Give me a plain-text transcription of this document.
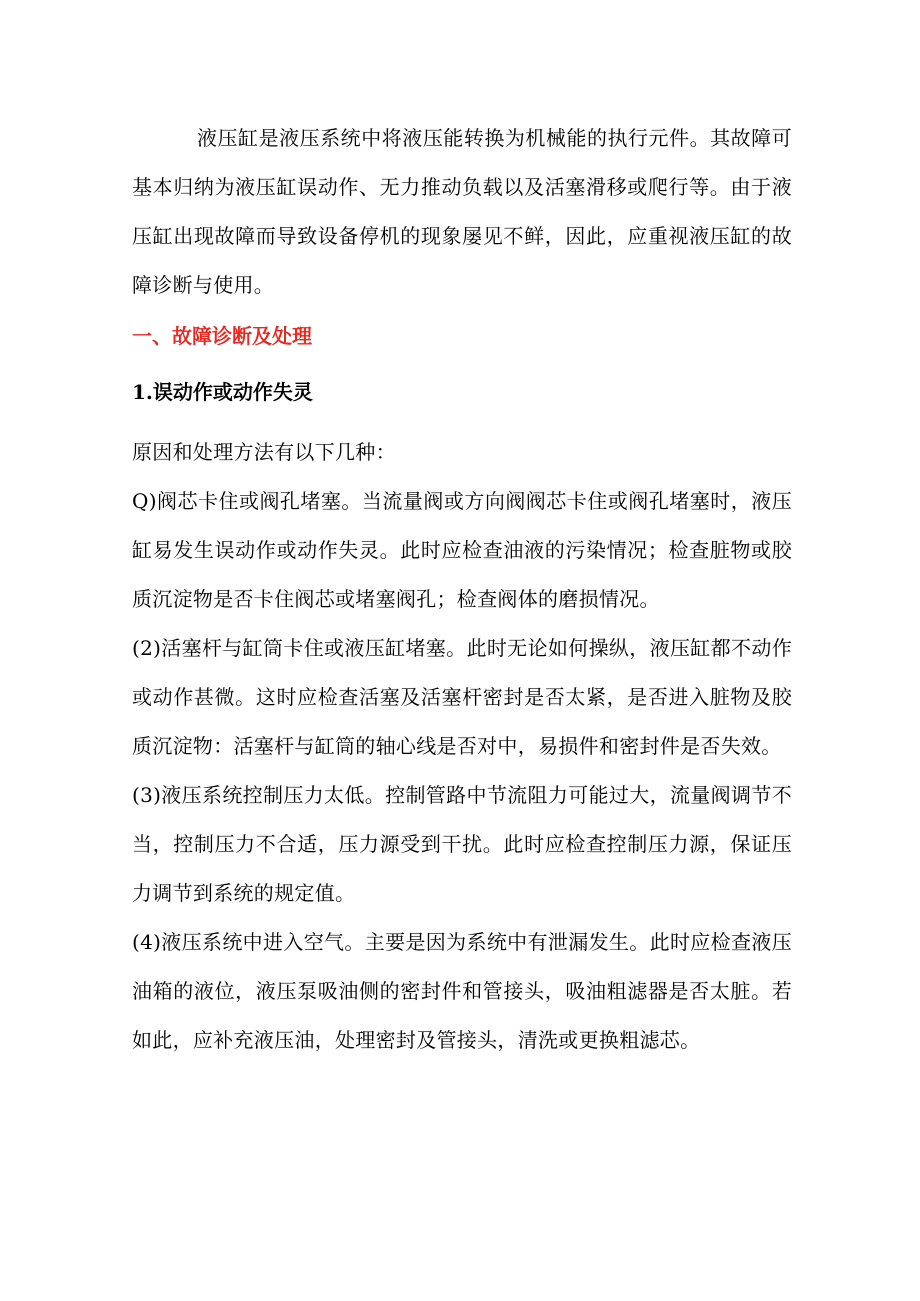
液压缸是液压系统中将液压能转换为机械能的执行元件。其故障可基本归纳为液压缸误动作、无力推动负载以及活塞滑移或爬行等。由于液压缸出现故障而导致设备停机的现象屡见不鲜，因此，应重视液压缸的故障诊断与使用。

一、故障诊断及处理
1.误动作或动作失灵

原因和处理方法有以下几种：

Q)阀芯卡住或阀孔堵塞。当流量阀或方向阀阀芯卡住或阀孔堵塞时，液压缸易发生误动作或动作失灵。此时应检查油液的污染情况；检查脏物或胶质沉淀物是否卡住阀芯或堵塞阀孔；检查阀体的磨损情况。

(2)活塞杆与缸筒卡住或液压缸堵塞。此时无论如何操纵，液压缸都不动作或动作甚微。这时应检查活塞及活塞杆密封是否太紧，是否进入脏物及胶质沉淀物：活塞杆与缸筒的轴心线是否对中，易损件和密封件是否失效。

(3)液压系统控制压力太低。控制管路中节流阻力可能过大，流量阀调节不当，控制压力不合适，压力源受到干扰。此时应检查控制压力源，保证压力调节到系统的规定值。

(4)液压系统中进入空气。主要是因为系统中有泄漏发生。此时应检查液压油箱的液位，液压泵吸油侧的密封件和管接头，吸油粗滤器是否太脏。若如此，应补充液压油，处理密封及管接头，清洗或更换粗滤芯。
